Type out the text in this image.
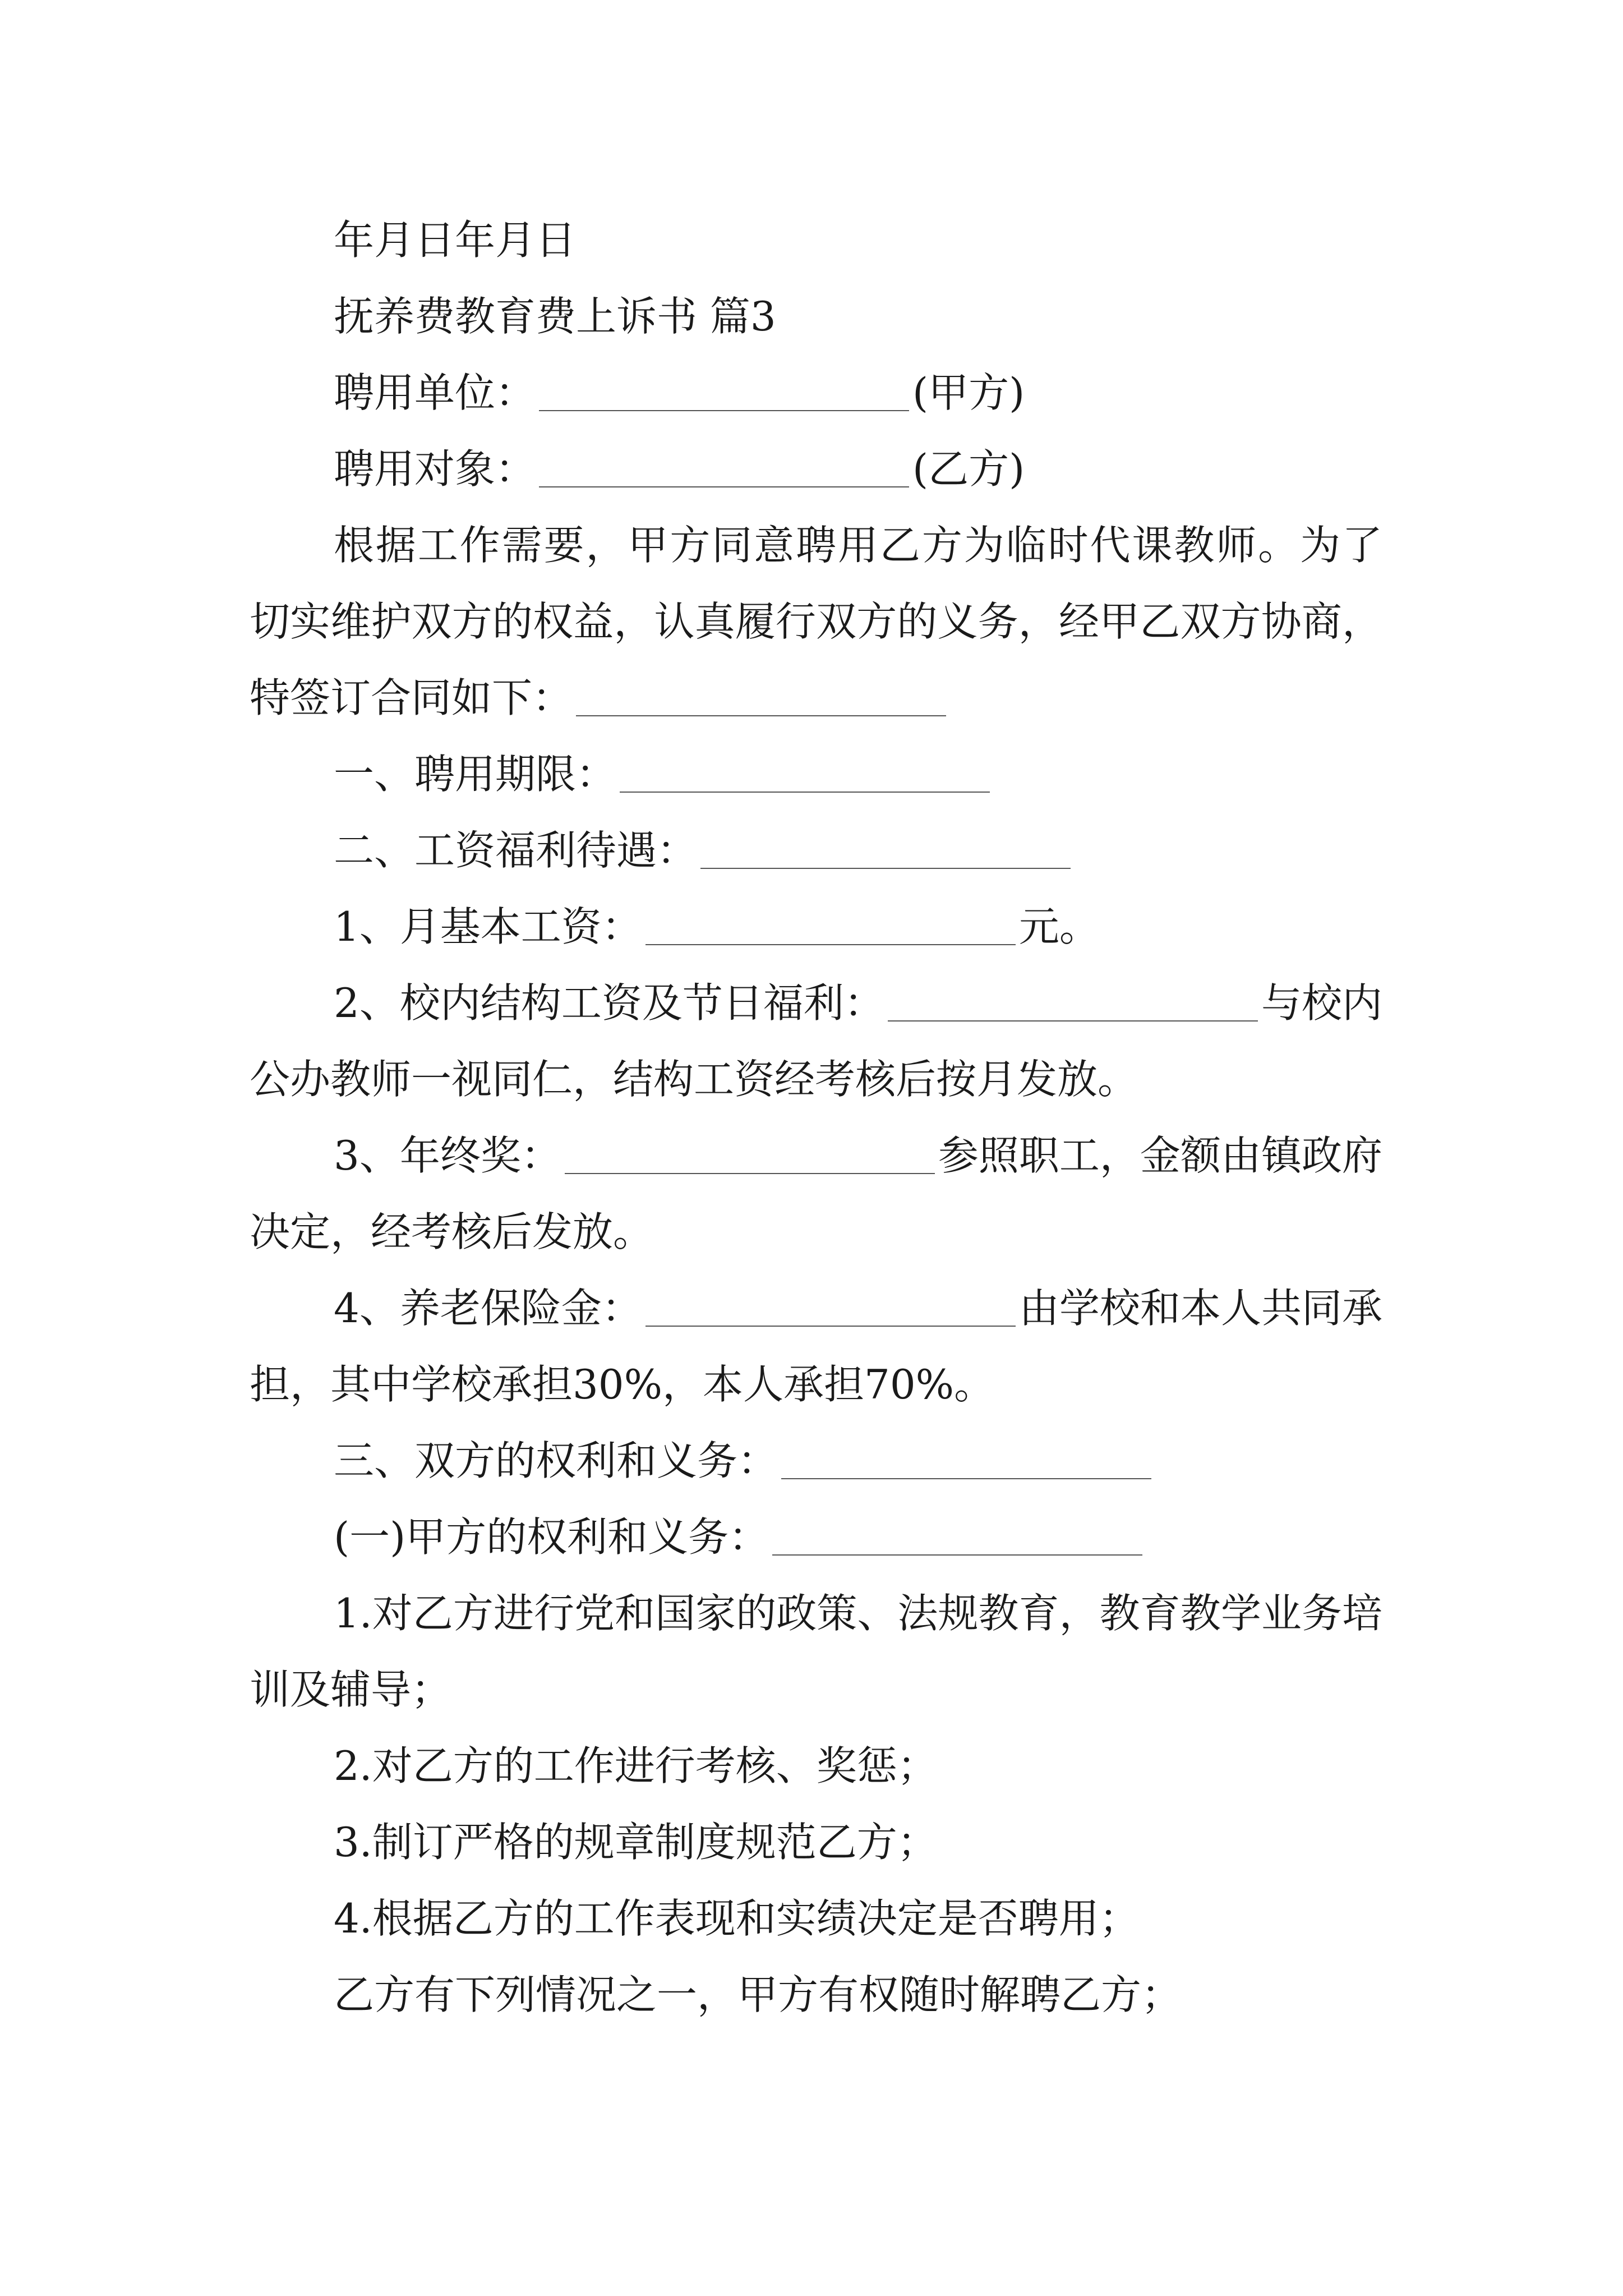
年月日年月日

抚养费教育费上诉书 篇3

聘用单位：	(甲方)

聘用对象：	(乙方)

根据工作需要，甲方同意聘用乙方为临时代课教师。为了切实维护双方的权益，认真履行双方的义务，经甲乙双方协商，特签订合同如下：

一、聘用期限：

二、工资福利待遇：

1、月基本工资：	元。

2、校内结构工资及节日福利：	与校内公办教师一视同仁，结构工资经考核后按月发放。

3、年终奖：	参照职工，金额由镇政府决定，经考核后发放。

4、养老保险金：	由学校和本人共同承担，其中学校承担30%，本人承担70%。

三、双方的权利和义务：

(一)甲方的权利和义务：

1.对乙方进行党和国家的政策、法规教育，教育教学业务培训及辅导；

2.对乙方的工作进行考核、奖惩；

3.制订严格的规章制度规范乙方；

4.根据乙方的工作表现和实绩决定是否聘用；

乙方有下列情况之一，甲方有权随时解聘乙方；
